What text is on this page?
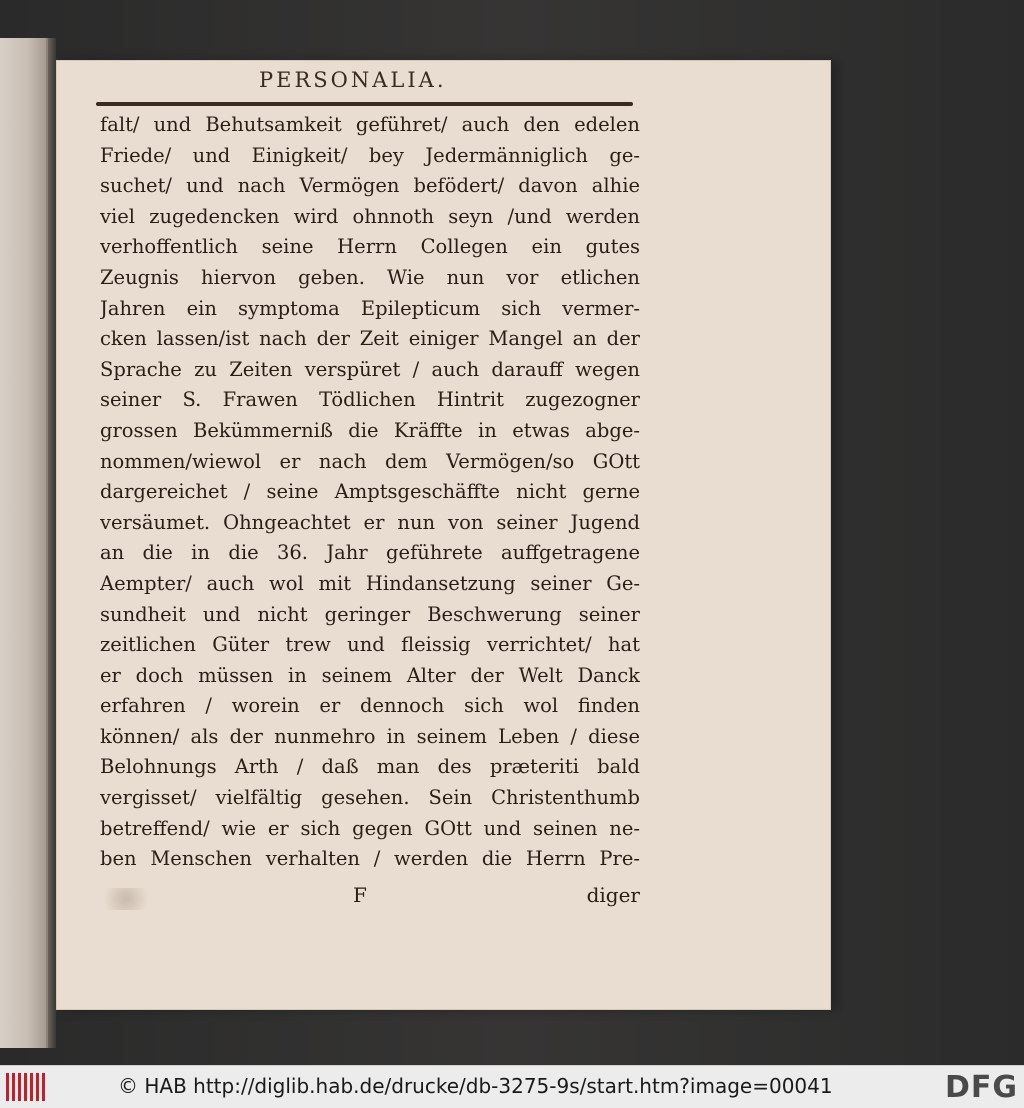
PERSONALIA.
falt/ und Behutsamkeit geführet/ auch den edelen
Friede/ und Einigkeit/ bey Jedermänniglich ge-
suchet/ und nach Vermögen befödert/ davon alhie
viel zugedencken wird ohnnoth seyn /und werden
verhoffentlich seine Herrn Collegen ein gutes
Zeugnis hiervon geben. Wie nun vor etlichen
Jahren ein symptoma Epilepticum sich vermer-
cken lassen/ist nach der Zeit einiger Mangel an der
Sprache zu Zeiten verspüret / auch darauff wegen
seiner S. Frawen Tödlichen Hintrit zugezogner
grossen Bekümmerniß die Kräffte in etwas abge-
nommen/wiewol er nach dem Vermögen/so GOtt
dargereichet / seine Amptsgeschäffte nicht gerne
versäumet. Ohngeachtet er nun von seiner Jugend
an die in die 36. Jahr geführete auffgetragene
Aempter/ auch wol mit Hindansetzung seiner Ge-
sundheit und nicht geringer Beschwerung seiner
zeitlichen Güter trew und fleissig verrichtet/ hat
er doch müssen in seinem Alter der Welt Danck
erfahren / worein er dennoch sich wol finden
können/ als der nunmehro in seinem Leben / diese
Belohnungs Arth / daß man des præteriti bald
vergisset/ vielfältig gesehen. Sein Christenthumb
betreffend/ wie er sich gegen GOtt und seinen ne-
ben Menschen verhalten / werden die Herrn Pre-
F	diger
© HAB http://diglib.hab.de/drucke/db-3275-9s/start.htm?image=00041	DFG
